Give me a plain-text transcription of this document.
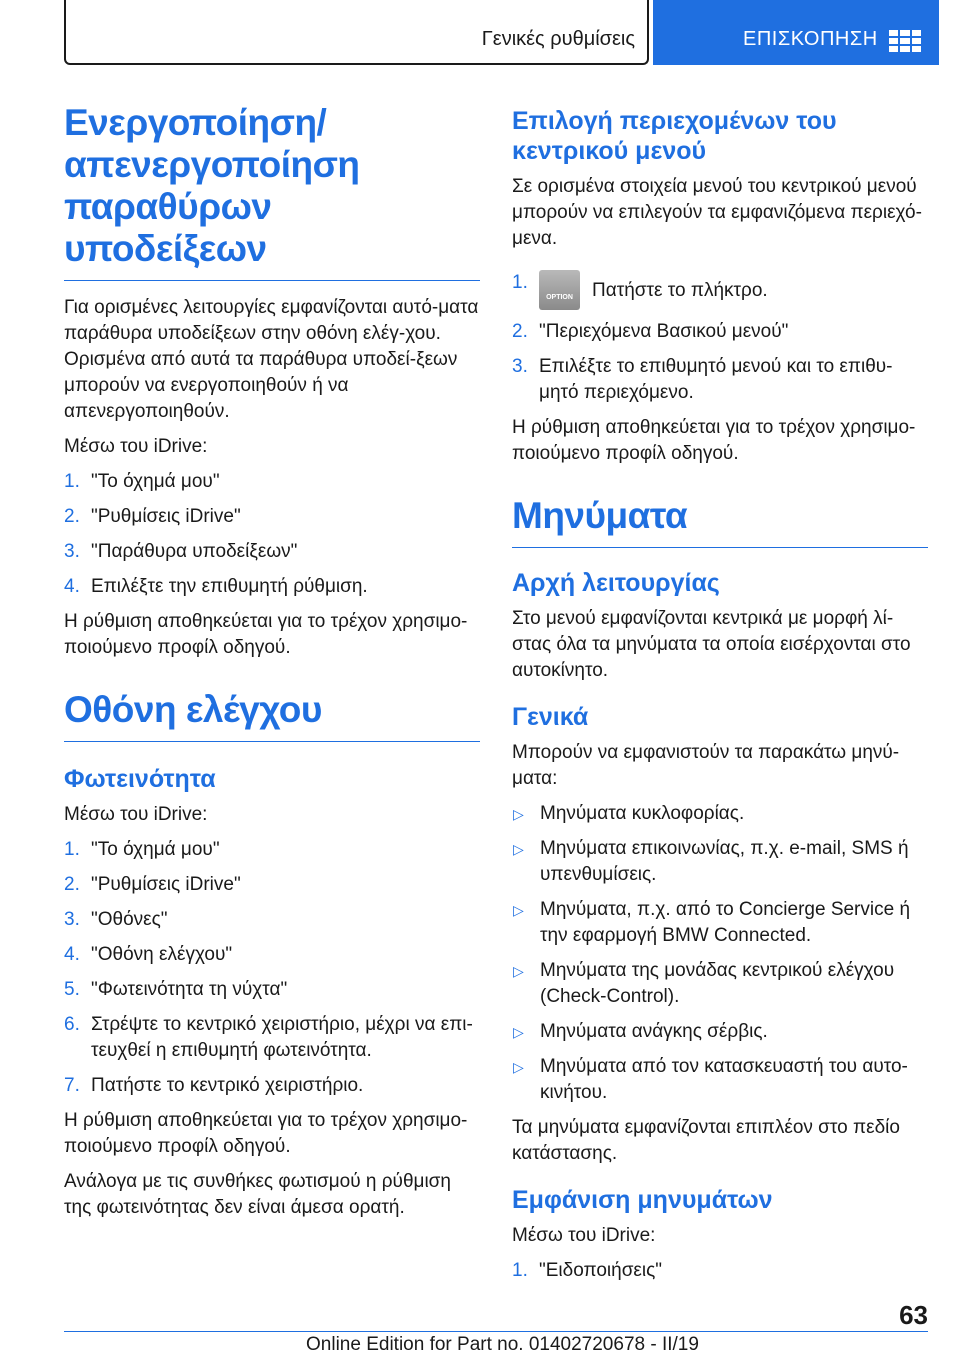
Γενικές ρυθμίσεις	ΕΠΙΣΚΟΠΗΣΗ
Ενεργοποίηση/ απενεργοποίηση παραθύρων υποδείξεων

Για ορισμένες λειτουργίες εμφανίζονται αυτό-ματα παράθυρα υποδείξεων στην οθόνη ελέγ-χου. Ορισμένα από αυτά τα παράθυρα υποδεί-ξεων μπορούν να ενεργοποιηθούν ή να απενεργοποιηθούν.

Μέσω του iDrive:

1. "Το όχημά μου"
2. "Ρυθμίσεις iDrive"
3. "Παράθυρα υποδείξεων"
4. Επιλέξτε την επιθυμητή ρύθμιση.

Η ρύθμιση αποθηκεύεται για το τρέχον χρησιμο-ποιούμενο προφίλ οδηγού.

Οθόνη ελέγχου
Φωτεινότητα

Μέσω του iDrive:

1. "Το όχημά μου"
2. "Ρυθμίσεις iDrive"
3. "Οθόνες"
4. "Οθόνη ελέγχου"
5. "Φωτεινότητα τη νύχτα"
6. Στρέψτε το κεντρικό χειριστήριο, μέχρι να επι-τευχθεί η επιθυμητή φωτεινότητα.
7. Πατήστε το κεντρικό χειριστήριο.

Η ρύθμιση αποθηκεύεται για το τρέχον χρησιμο-ποιούμενο προφίλ οδηγού.

Ανάλογα με τις συνθήκες φωτισμού η ρύθμιση της φωτεινότητας δεν είναι άμεσα ορατή.

Επιλογή περιεχομένων του κεντρικού μενού

Σε ορισμένα στοιχεία μενού του κεντρικού μενού μπορούν να επιλεγούν τα εμφανιζόμενα περιεχό-μενα.

1.
OPTION	Πατήστε το πλήκτρο.
2. "Περιεχόμενα Βασικού μενού"
3. Επιλέξτε το επιθυμητό μενού και το επιθυ-μητό περιεχόμενο.

Η ρύθμιση αποθηκεύεται για το τρέχον χρησιμο-ποιούμενο προφίλ οδηγού.

Μηνύματα
Αρχή λειτουργίας

Στο μενού εμφανίζονται κεντρικά με μορφή λί-στας όλα τα μηνύματα τα οποία εισέρχονται στο αυτοκίνητο.

Γενικά

Μπορούν να εμφανιστούν τα παρακάτω μηνύ-ματα:

▷ Μηνύματα κυκλοφορίας.
▷ Μηνύματα επικοινωνίας, π.χ. e-mail, SMS ή υπενθυμίσεις.
▷ Μηνύματα, π.χ. από το Concierge Service ή την εφαρμογή BMW Connected.
▷ Μηνύματα της μονάδας κεντρικού ελέγχου (Check-Control).
▷ Μηνύματα ανάγκης σέρβις.
▷ Μηνύματα από τον κατασκευαστή του αυτο-κινήτου.

Τα μηνύματα εμφανίζονται επιπλέον στο πεδίο κατάστασης.

Εμφάνιση μηνυμάτων

Μέσω του iDrive:

1. "Ειδοποιήσεις"
63
Online Edition for Part no. 01402720678 - II/19
